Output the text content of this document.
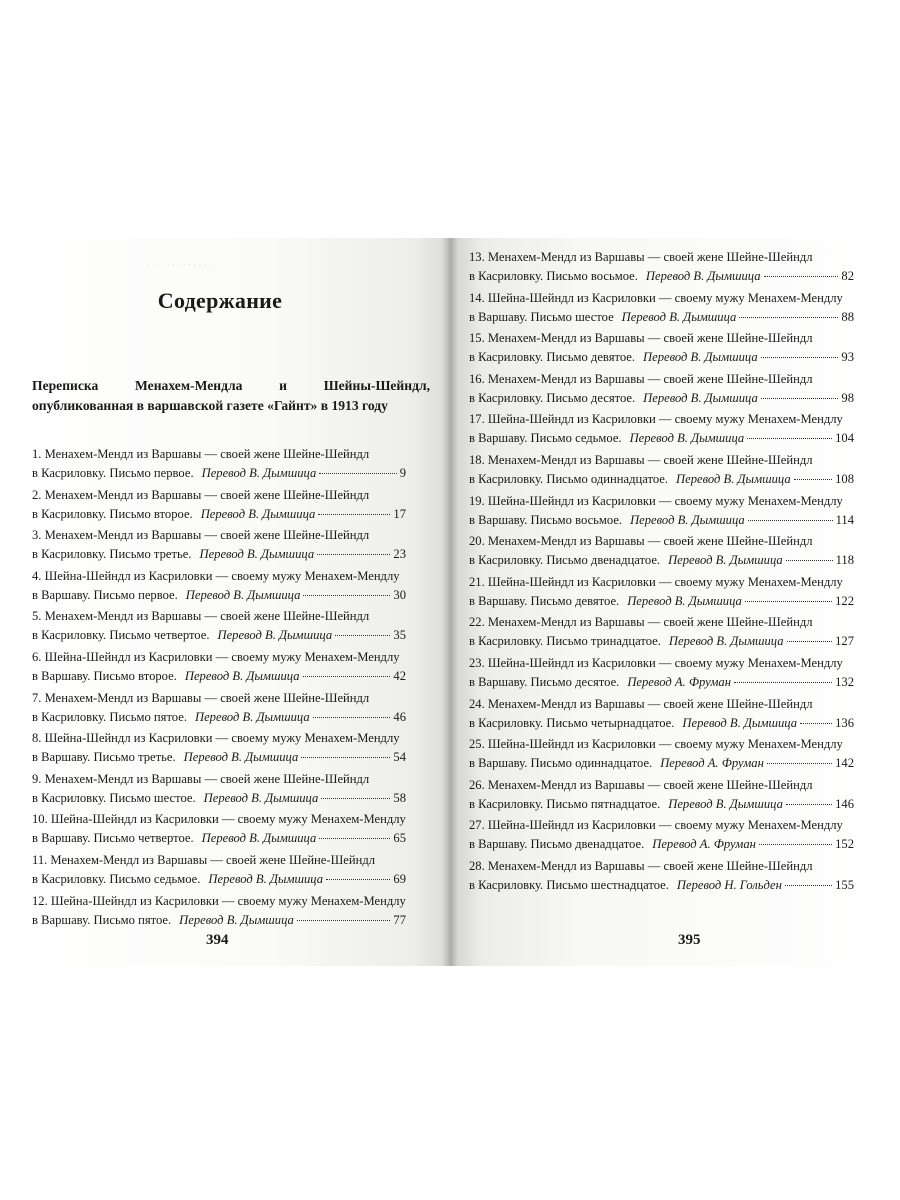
· · · · · · · · · · · · ·
Содержание
Переписка Менахем-Мендла и Шейны-Шейндл, опубликованная в варшавской газете «Гайнт» в 1913 году
1. Менахем-Мендл из Варшавы — своей жене Шейне-Шейндл
в Касриловку. Письмо первое. Перевод В. Дымшица	9
2. Менахем-Мендл из Варшавы — своей жене Шейне-Шейндл
в Касриловку. Письмо второе. Перевод В. Дымшица	17
3. Менахем-Мендл из Варшавы — своей жене Шейне-Шейндл
в Касриловку. Письмо третье. Перевод В. Дымшица	23
4. Шейна-Шейндл из Касриловки — своему мужу Менахем-Мендлу
в Варшаву. Письмо первое. Перевод В. Дымшица	30
5. Менахем-Мендл из Варшавы — своей жене Шейне-Шейндл
в Касриловку. Письмо четвертое. Перевод В. Дымшица	35
6. Шейна-Шейндл из Касриловки — своему мужу Менахем-Мендлу
в Варшаву. Письмо второе. Перевод В. Дымшица	42
7. Менахем-Мендл из Варшавы — своей жене Шейне-Шейндл
в Касриловку. Письмо пятое. Перевод В. Дымшица	46
8. Шейна-Шейндл из Касриловки — своему мужу Менахем-Мендлу
в Варшаву. Письмо третье. Перевод В. Дымшица	54
9. Менахем-Мендл из Варшавы — своей жене Шейне-Шейндл
в Касриловку. Письмо шестое. Перевод В. Дымшица	58
10. Шейна-Шейндл из Касриловки — своему мужу Менахем-Мендлу
в Варшаву. Письмо четвертое. Перевод В. Дымшица	65
11. Менахем-Мендл из Варшавы — своей жене Шейне-Шейндл
в Касриловку. Письмо седьмое. Перевод В. Дымшица	69
12. Шейна-Шейндл из Касриловки — своему мужу Менахем-Мендлу
в Варшаву. Письмо пятое. Перевод В. Дымшица	77
394
13. Менахем-Мендл из Варшавы — своей жене Шейне-Шейндл
в Касриловку. Письмо восьмое. Перевод В. Дымшица	82
14. Шейна-Шейндл из Касриловки — своему мужу Менахем-Мендлу
в Варшаву. Письмо шестое Перевод В. Дымшица	88
15. Менахем-Мендл из Варшавы — своей жене Шейне-Шейндл
в Касриловку. Письмо девятое. Перевод В. Дымшица	93
16. Менахем-Мендл из Варшавы — своей жене Шейне-Шейндл
в Касриловку. Письмо десятое. Перевод В. Дымшица	98
17. Шейна-Шейндл из Касриловки — своему мужу Менахем-Мендлу
в Варшаву. Письмо седьмое. Перевод В. Дымшица	104
18. Менахем-Мендл из Варшавы — своей жене Шейне-Шейндл
в Касриловку. Письмо одиннадцатое. Перевод В. Дымшица	108
19. Шейна-Шейндл из Касриловки — своему мужу Менахем-Мендлу
в Варшаву. Письмо восьмое. Перевод В. Дымшица	114
20. Менахем-Мендл из Варшавы — своей жене Шейне-Шейндл
в Касриловку. Письмо двенадцатое. Перевод В. Дымшица	118
21. Шейна-Шейндл из Касриловки — своему мужу Менахем-Мендлу
в Варшаву. Письмо девятое. Перевод В. Дымшица	122
22. Менахем-Мендл из Варшавы — своей жене Шейне-Шейндл
в Касриловку. Письмо тринадцатое. Перевод В. Дымшица	127
23. Шейна-Шейндл из Касриловки — своему мужу Менахем-Мендлу
в Варшаву. Письмо десятое. Перевод А. Фруман	132
24. Менахем-Мендл из Варшавы — своей жене Шейне-Шейндл
в Касриловку. Письмо четырнадцатое. Перевод В. Дымшица	136
25. Шейна-Шейндл из Касриловки — своему мужу Менахем-Мендлу
в Варшаву. Письмо одиннадцатое. Перевод А. Фруман	142
26. Менахем-Мендл из Варшавы — своей жене Шейне-Шейндл
в Касриловку. Письмо пятнадцатое. Перевод В. Дымшица	146
27. Шейна-Шейндл из Касриловки — своему мужу Менахем-Мендлу
в Варшаву. Письмо двенадцатое. Перевод А. Фруман	152
28. Менахем-Мендл из Варшавы — своей жене Шейне-Шейндл
в Касриловку. Письмо шестнадцатое. Перевод Н. Гольден	155
395
